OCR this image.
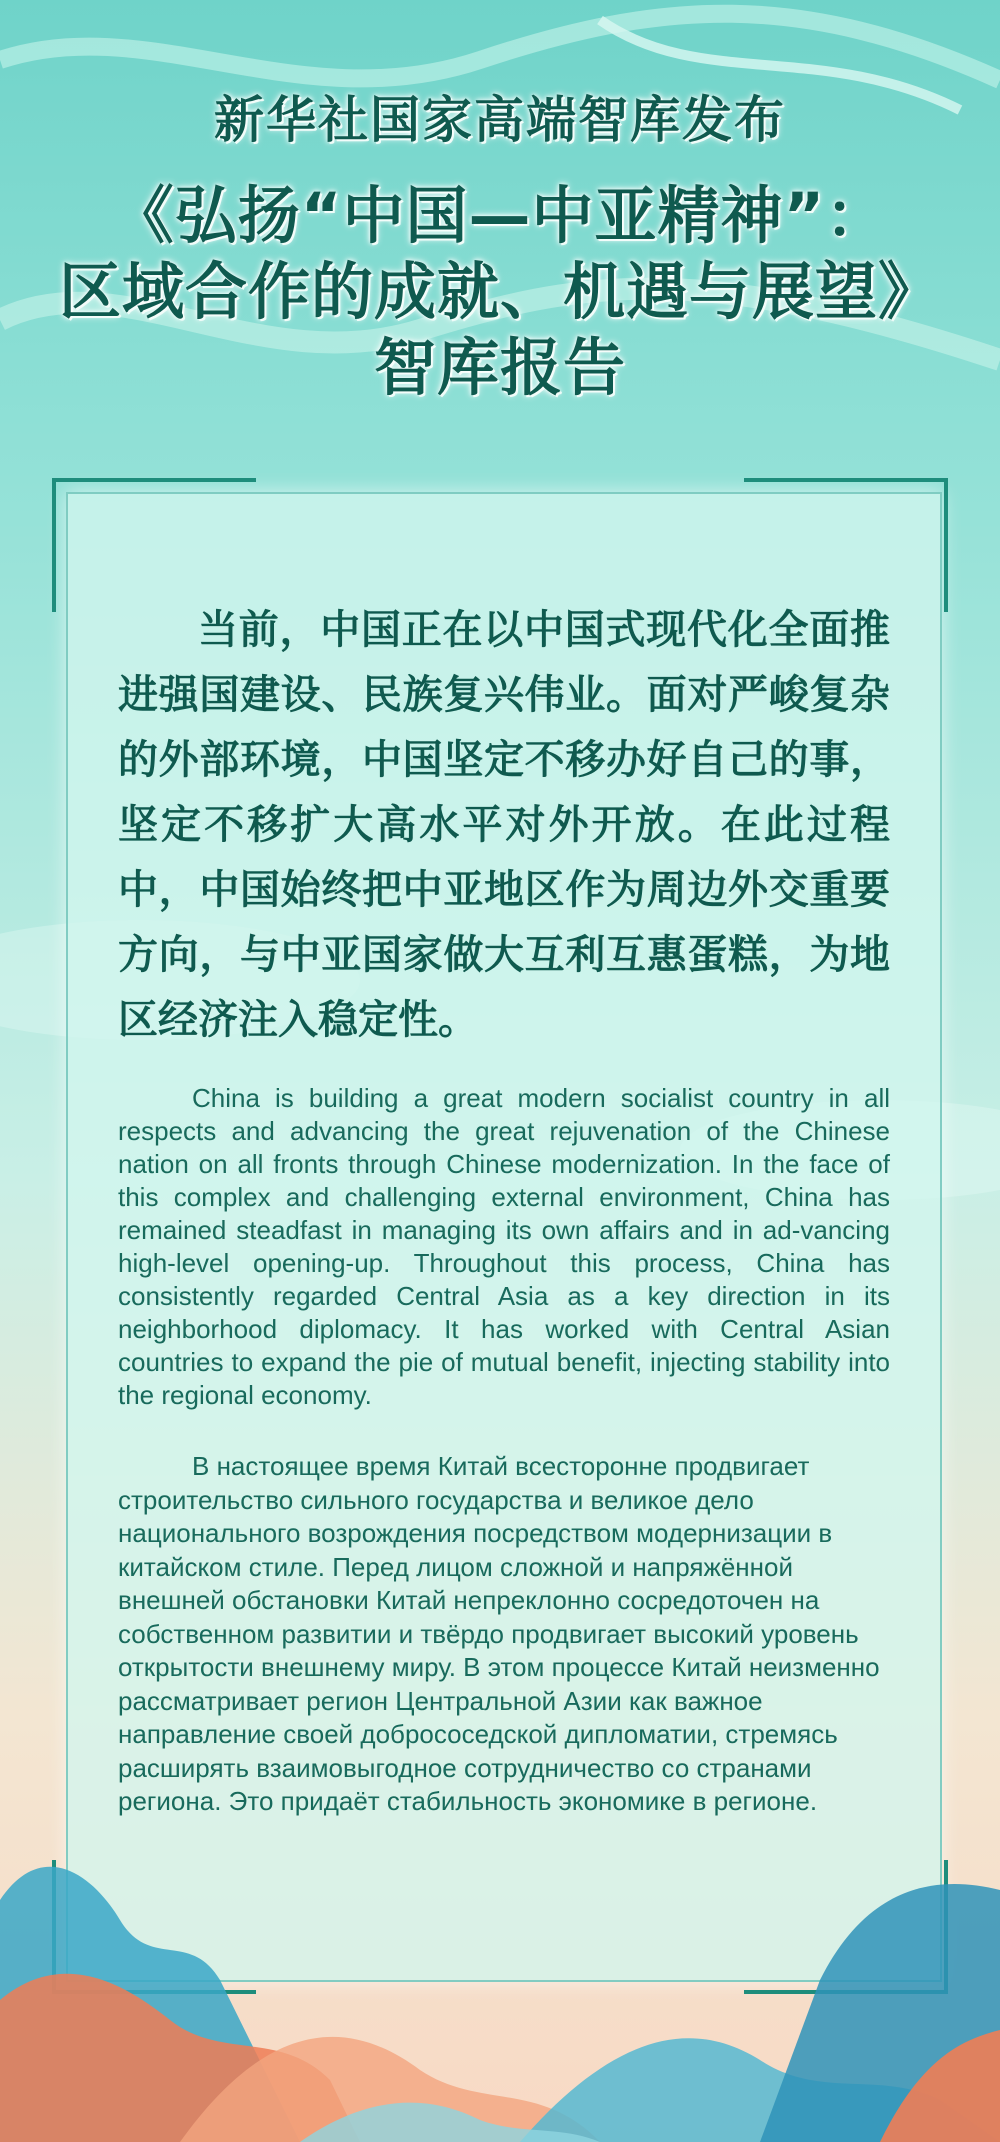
新华社国家高端智库发布
《弘扬“中国—中亚精神”：
区域合作的成就、机遇与展望》
智库报告

当前，中国正在以中国式现代化全面推进强国建设、民族复兴伟业。面对严峻复杂的外部环境，中国坚定不移办好自己的事，坚定不移扩大高水平对外开放。在此过程中，中国始终把中亚地区作为周边外交重要方向，与中亚国家做大互利互惠蛋糕，为地区经济注入稳定性。

China is building a great modern socialist country in all respects and advancing the great rejuvenation of the Chinese nation on all fronts through Chinese modernization. In the face of this complex and challenging external environment, China has remained steadfast in managing its own affairs and in ad-vancing high-level opening-up. Throughout this process, China has consistently regarded Central Asia as a key direction in its neighborhood diplomacy. It has worked with Central Asian countries to expand the pie of mutual benefit, injecting stability into the regional economy.

В настоящее время Китай всесторонне продвигает строительство сильного государства и великое дело национального возрождения посредством модернизации в китайском стиле. Перед лицом сложной и напряжённой внешней обстановки Китай непреклонно сосредоточен на собственном развитии и твёрдо продвигает высокий уровень открытости внешнему миру. В этом процессе Китай неизменно рассматривает регион Центральной Азии как важное направление своей добрососедской дипломатии, стремясь расширять взаимовыгодное сотрудничество со странами региона. Это придаёт стабильность экономике в регионе.
